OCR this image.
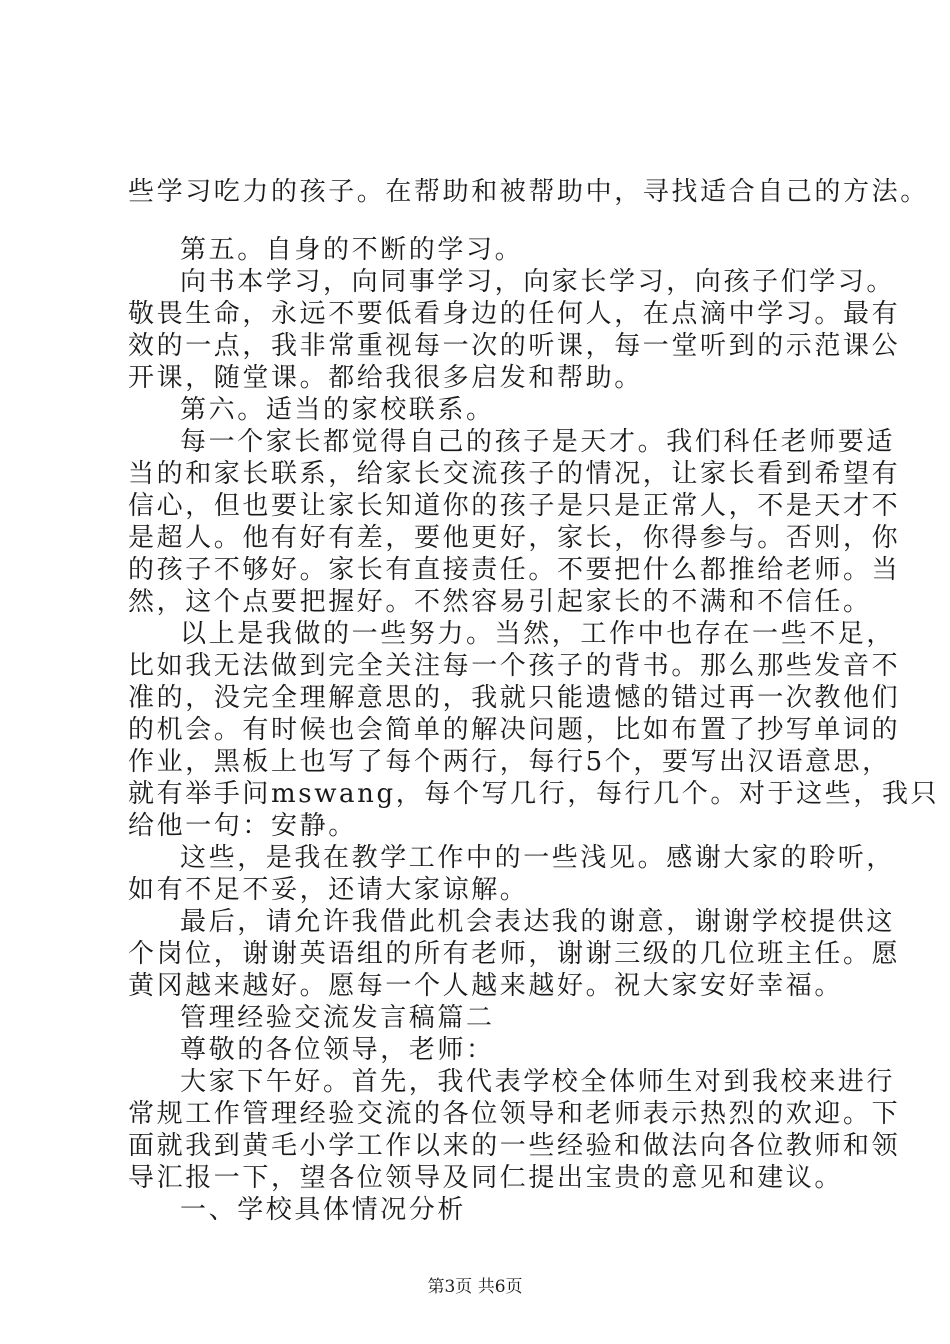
些学习吃力的孩子。在帮助和被帮助中，寻找适合自己的方法。
第五。自身的不断的学习。
向书本学习，向同事学习，向家长学习，向孩子们学习。
敬畏生命，永远不要低看身边的任何人，在点滴中学习。最有
效的一点，我非常重视每一次的听课，每一堂听到的示范课公
开课，随堂课。都给我很多启发和帮助。
第六。适当的家校联系。
每一个家长都觉得自己的孩子是天才。我们科任老师要适
当的和家长联系，给家长交流孩子的情况，让家长看到希望有
信心，但也要让家长知道你的孩子是只是正常人，不是天才不
是超人。他有好有差，要他更好，家长，你得参与。否则，你
的孩子不够好。家长有直接责任。不要把什么都推给老师。当
然，这个点要把握好。不然容易引起家长的不满和不信任。
以上是我做的一些努力。当然，工作中也存在一些不足，
比如我无法做到完全关注每一个孩子的背书。那么那些发音不
准的，没完全理解意思的，我就只能遗憾的错过再一次教他们
的机会。有时候也会简单的解决问题，比如布置了抄写单词的
作业，黑板上也写了每个两行，每行5个，要写出汉语意思，
就有举手问mswang，每个写几行，每行几个。对于这些，我只
给他一句：安静。
这些，是我在教学工作中的一些浅见。感谢大家的聆听，
如有不足不妥，还请大家谅解。
最后，请允许我借此机会表达我的谢意，谢谢学校提供这
个岗位，谢谢英语组的所有老师，谢谢三级的几位班主任。愿
黄冈越来越好。愿每一个人越来越好。祝大家安好幸福。
管理经验交流发言稿篇二
尊敬的各位领导，老师：
大家下午好。首先，我代表学校全体师生对到我校来进行
常规工作管理经验交流的各位领导和老师表示热烈的欢迎。下
面就我到黄毛小学工作以来的一些经验和做法向各位教师和领
导汇报一下，望各位领导及同仁提出宝贵的意见和建议。
一、学校具体情况分析
第3页 共6页
